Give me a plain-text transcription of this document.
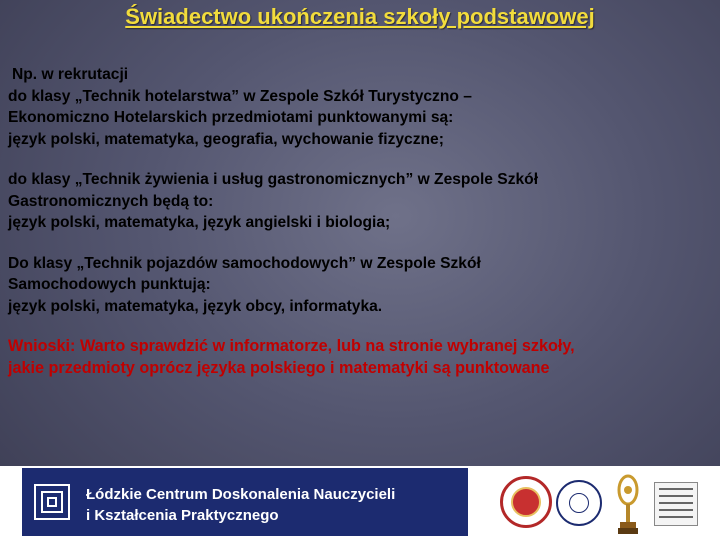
Świadectwo ukończenia szkoły podstawowej
Np. w rekrutacji
do klasy „Technik hotelarstwa” w Zespole Szkół Turystyczno –
Ekonomiczno Hotelarskich przedmiotami punktowanymi są:
język polski, matematyka, geografia, wychowanie fizyczne;
do klasy „Technik żywienia i usług gastronomicznych” w Zespole Szkół
Gastronomicznych będą to:
język polski, matematyka, język angielski i biologia;
Do klasy „Technik pojazdów samochodowych” w Zespole Szkół
Samochodowych punktują:
język polski, matematyka, język obcy, informatyka.
Wnioski: Warto sprawdzić w informatorze, lub na stronie wybranej szkoły,
jakie przedmioty oprócz języka polskiego i matematyki są punktowane
Łódzkie Centrum Doskonalenia Nauczycieli
i Kształcenia Praktycznego
